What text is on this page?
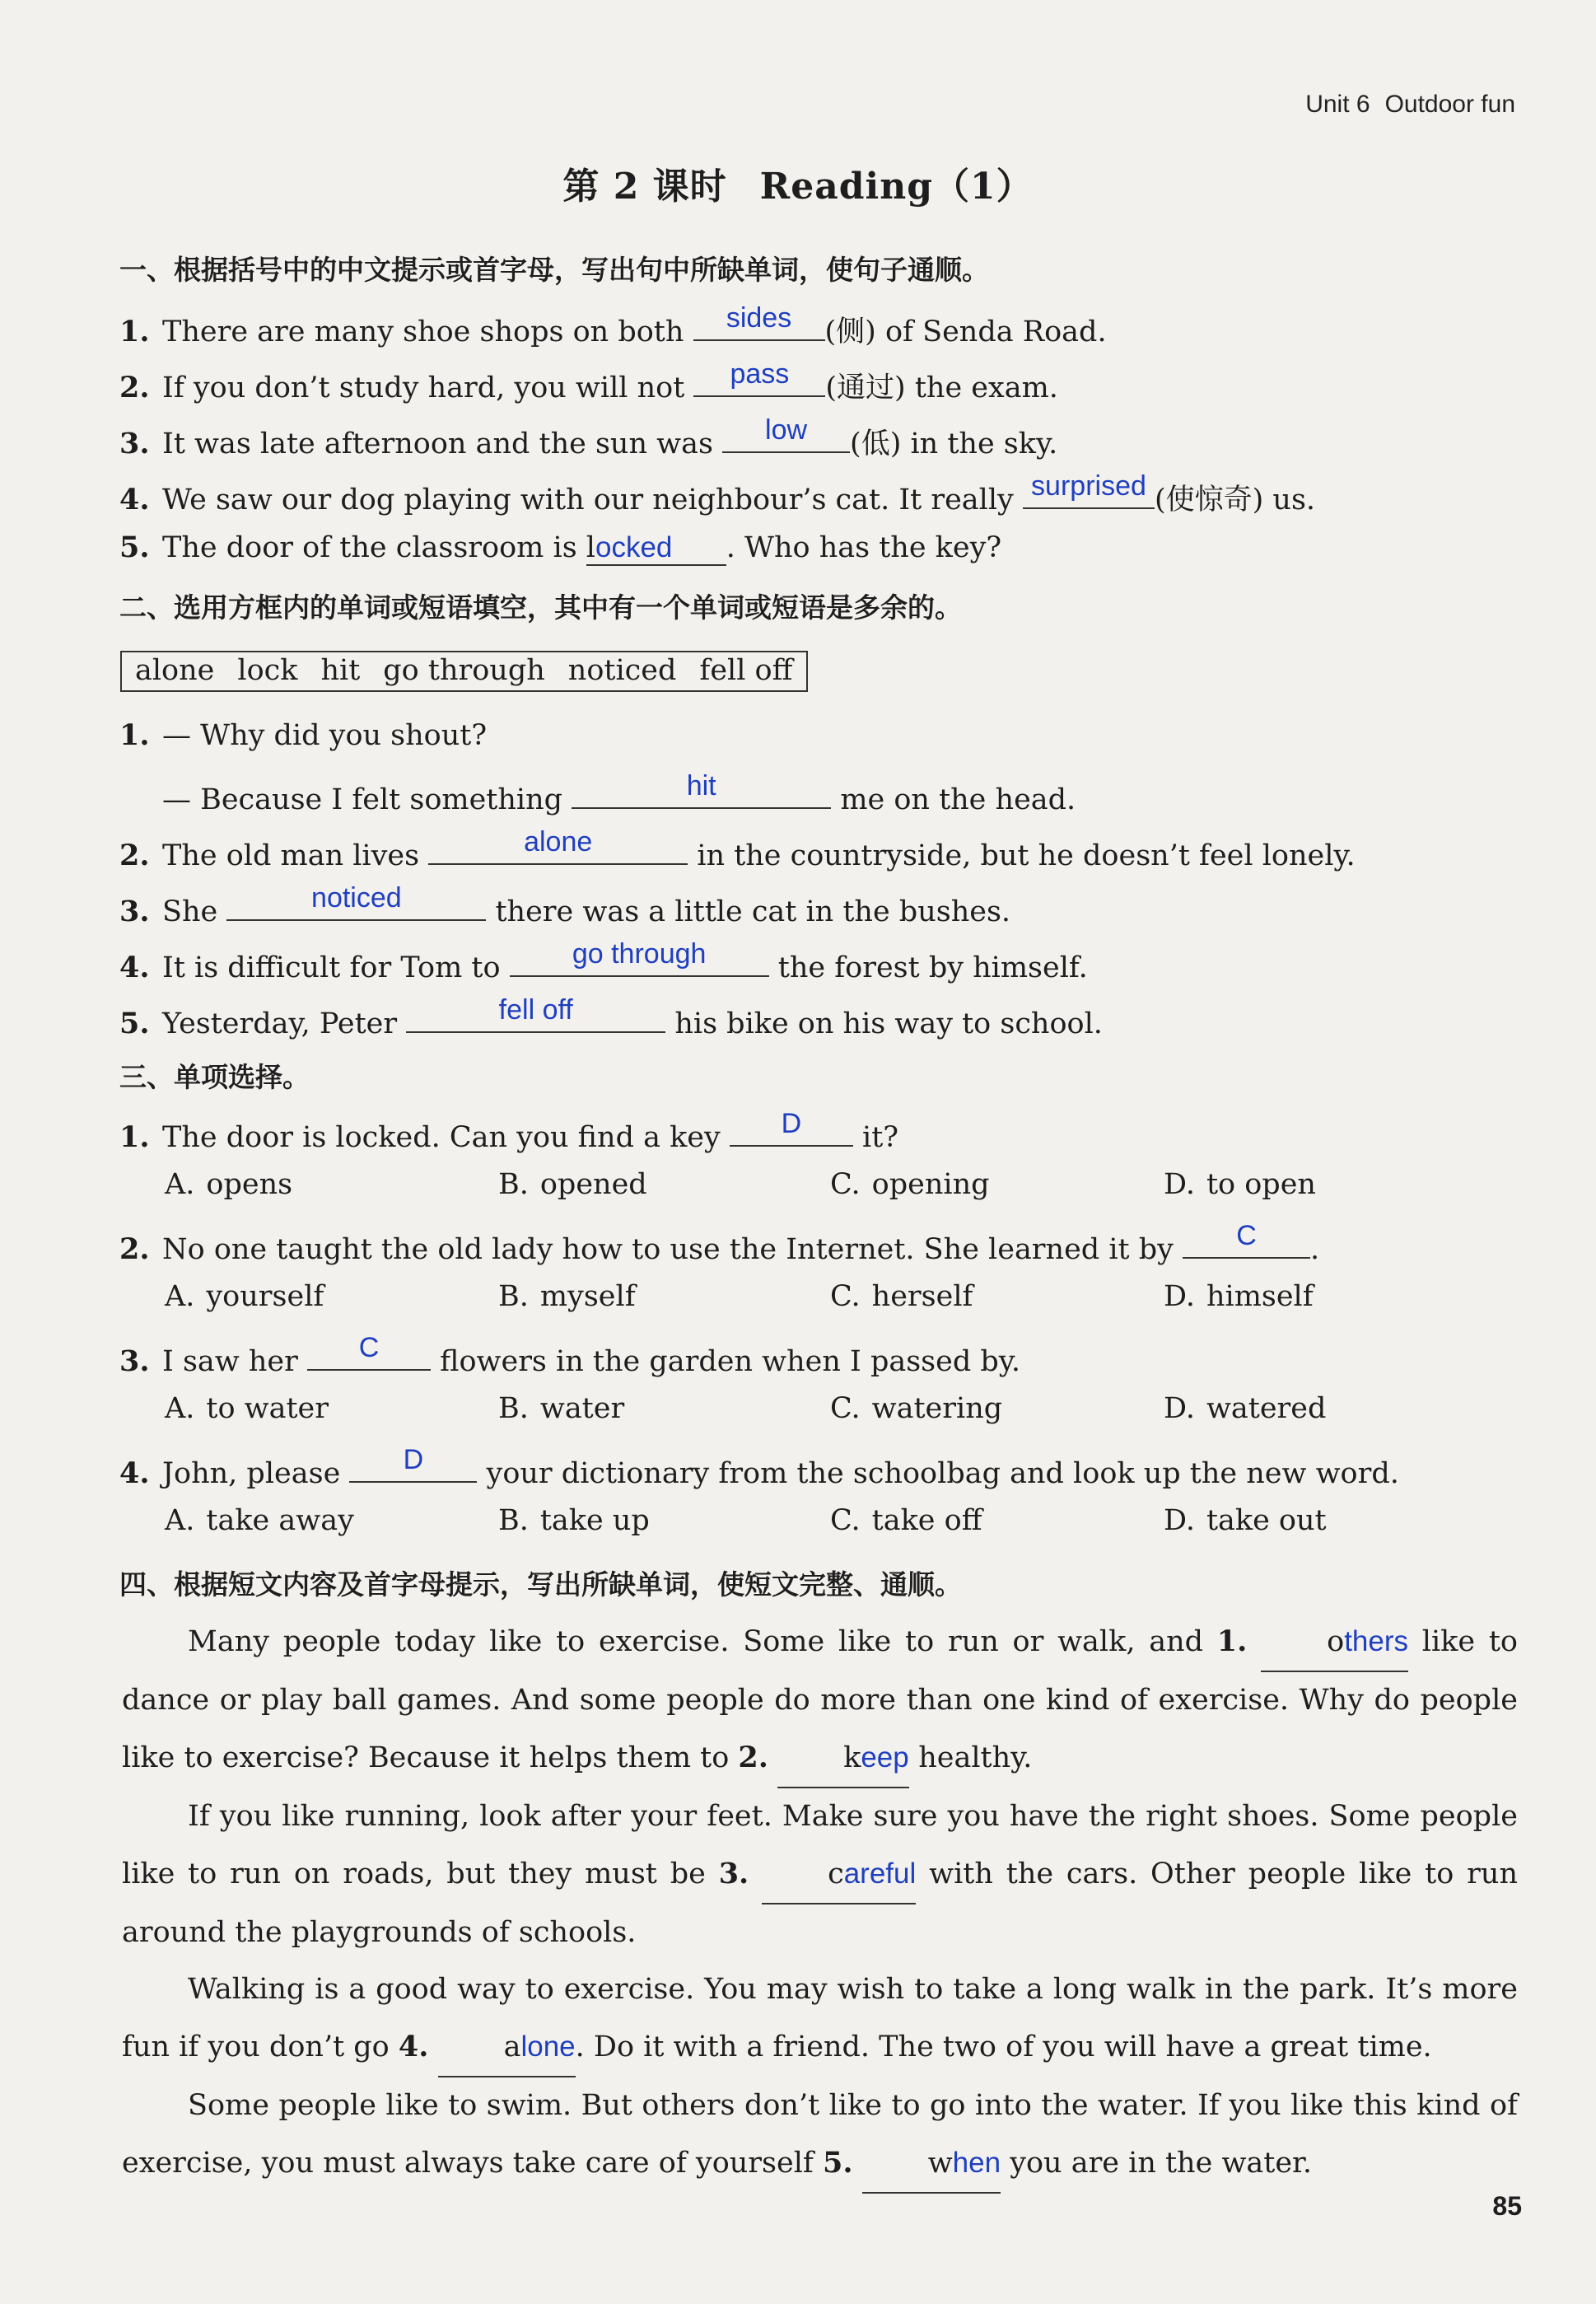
Unit 6 Outdoor fun
第 2 课时 Reading（1）
一、根据括号中的中文提示或首字母，写出句中所缺单词，使句子通顺。
1. There are many shoe shops on both	sides	(侧) of Senda Road.
2. If you don’t study hard, you will not	pass	(通过) the exam.
3. It was late afternoon and the sun was	low	(低) in the sky.
4. We saw our dog playing with our neighbour’s cat. It really surprised (使惊奇) us.
5. The door of the classroom is locked . Who has the key?
二、选用方框内的单词或短语填空，其中有一个单词或短语是多余的。
alone lock hit go through noticed fell off
1. — Why did you shout?
— Because I felt something	hit	me on the head.
2. The old man lives	alone	in the countryside, but he doesn’t feel lonely.
3. She	noticed	there was a little cat in the bushes.
4. It is difficult for Tom to	go through	the forest by himself.
5. Yesterday, Peter	fell off	his bike on his way to school.
三、单项选择。
1. The door is locked. Can you find a key	D	it?
A. opens	B. opened	C. opening	D. to open
2. No one taught the old lady how to use the Internet. She learned it by	C	.
A. yourself	B. myself	C. herself	D. himself
3. I saw her	C	flowers in the garden when I passed by.
A. to water	B. water	C. watering	D. watered
4. John, please	D	your dictionary from the schoolbag and look up the new word.
A. take away	B. take up	C. take off	D. take out
四、根据短文内容及首字母提示，写出所缺单词，使短文完整、通顺。

Many people today like to exercise. Some like to run or walk, and 1.	others like to dance or play ball games. And some people do more than one kind of exercise. Why do people like to exercise? Because it helps them to 2.	keep healthy.

If you like running, look after your feet. Make sure you have the right shoes. Some people like to run on roads, but they must be 3.	careful with the cars. Other people like to run around the playgrounds of schools.

Walking is a good way to exercise. You may wish to take a long walk in the park. It’s more fun if you don’t go 4.	alone. Do it with a friend. The two of you will have a great time.

Some people like to swim. But others don’t like to go into the water. If you like this kind of exercise, you must always take care of yourself 5.	when you are in the water.

85
